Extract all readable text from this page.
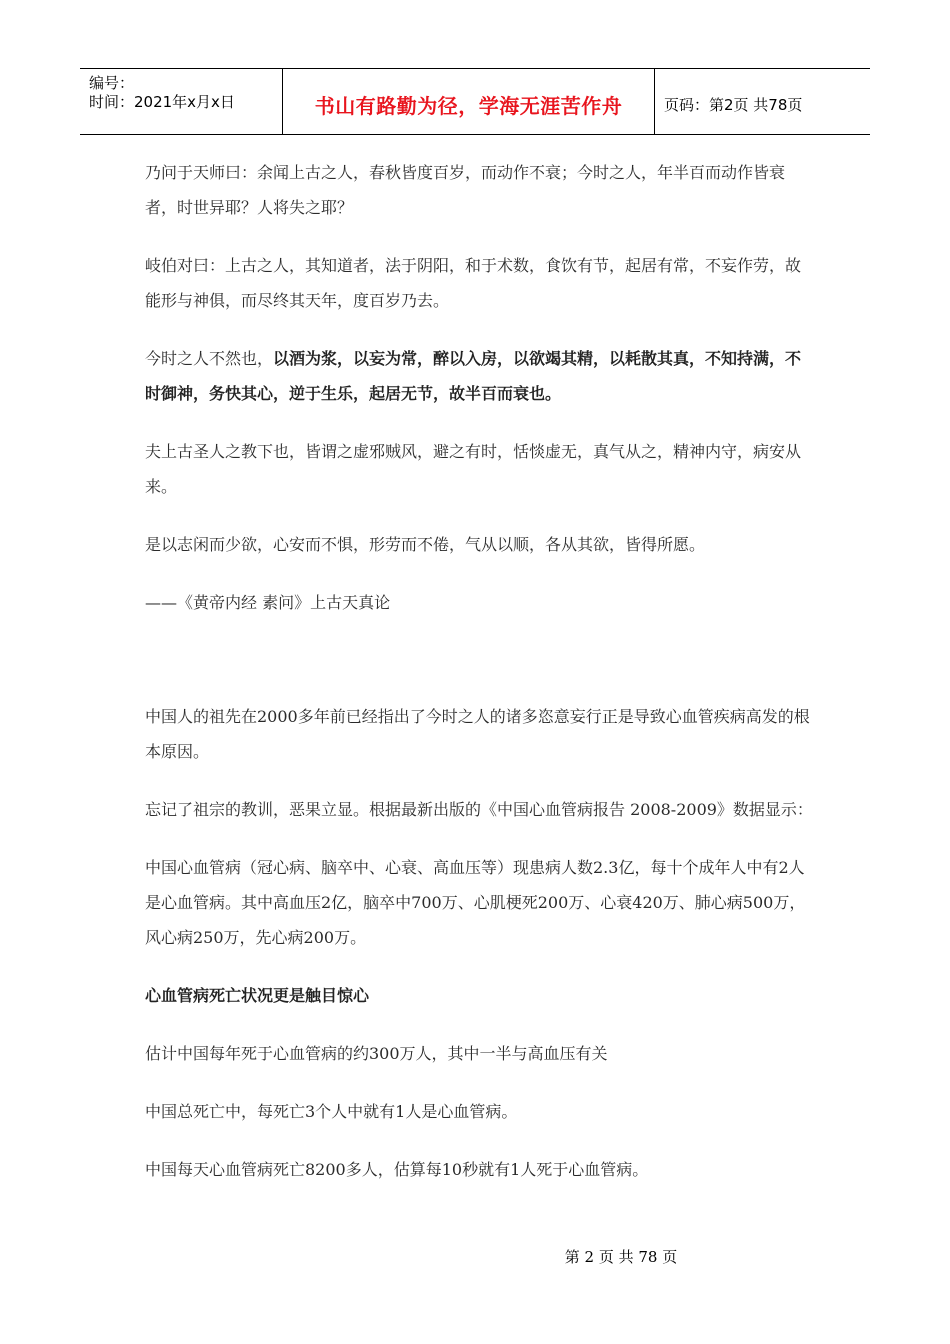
编号：
时间：2021年x月x日	书山有路勤为径，学海无涯苦作舟	页码：第2页 共78页

乃问于天师曰：余闻上古之人，春秋皆度百岁，而动作不衰；今时之人，年半百而动作皆衰者，时世异耶？人将失之耶？

岐伯对曰：上古之人，其知道者，法于阴阳，和于术数，食饮有节，起居有常，不妄作劳，故能形与神俱，而尽终其天年，度百岁乃去。

今时之人不然也，以酒为浆，以妄为常，醉以入房，以欲竭其精，以耗散其真，不知持满，不时御神，务快其心，逆于生乐，起居无节，故半百而衰也。

夫上古圣人之教下也，皆谓之虚邪贼风，避之有时，恬惔虚无，真气从之，精神内守，病安从来。

是以志闲而少欲，心安而不惧，形劳而不倦，气从以顺，各从其欲，皆得所愿。

——《黄帝内经 素问》上古天真论

中国人的祖先在2000多年前已经指出了今时之人的诸多恣意妄行正是导致心血管疾病高发的根本原因。

忘记了祖宗的教训，恶果立显。根据最新出版的《中国心血管病报告 2008-2009》数据显示：

中国心血管病（冠心病、脑卒中、心衰、高血压等）现患病人数2.3亿，每十个成年人中有2人是心血管病。其中高血压2亿，脑卒中700万、心肌梗死200万、心衰420万、肺心病500万，风心病250万，先心病200万。

心血管病死亡状况更是触目惊心

估计中国每年死于心血管病的约300万人，其中一半与高血压有关

中国总死亡中，每死亡3个人中就有1人是心血管病。

中国每天心血管病死亡8200多人，估算每10秒就有1人死于心血管病。

第 2 页 共 78 页
